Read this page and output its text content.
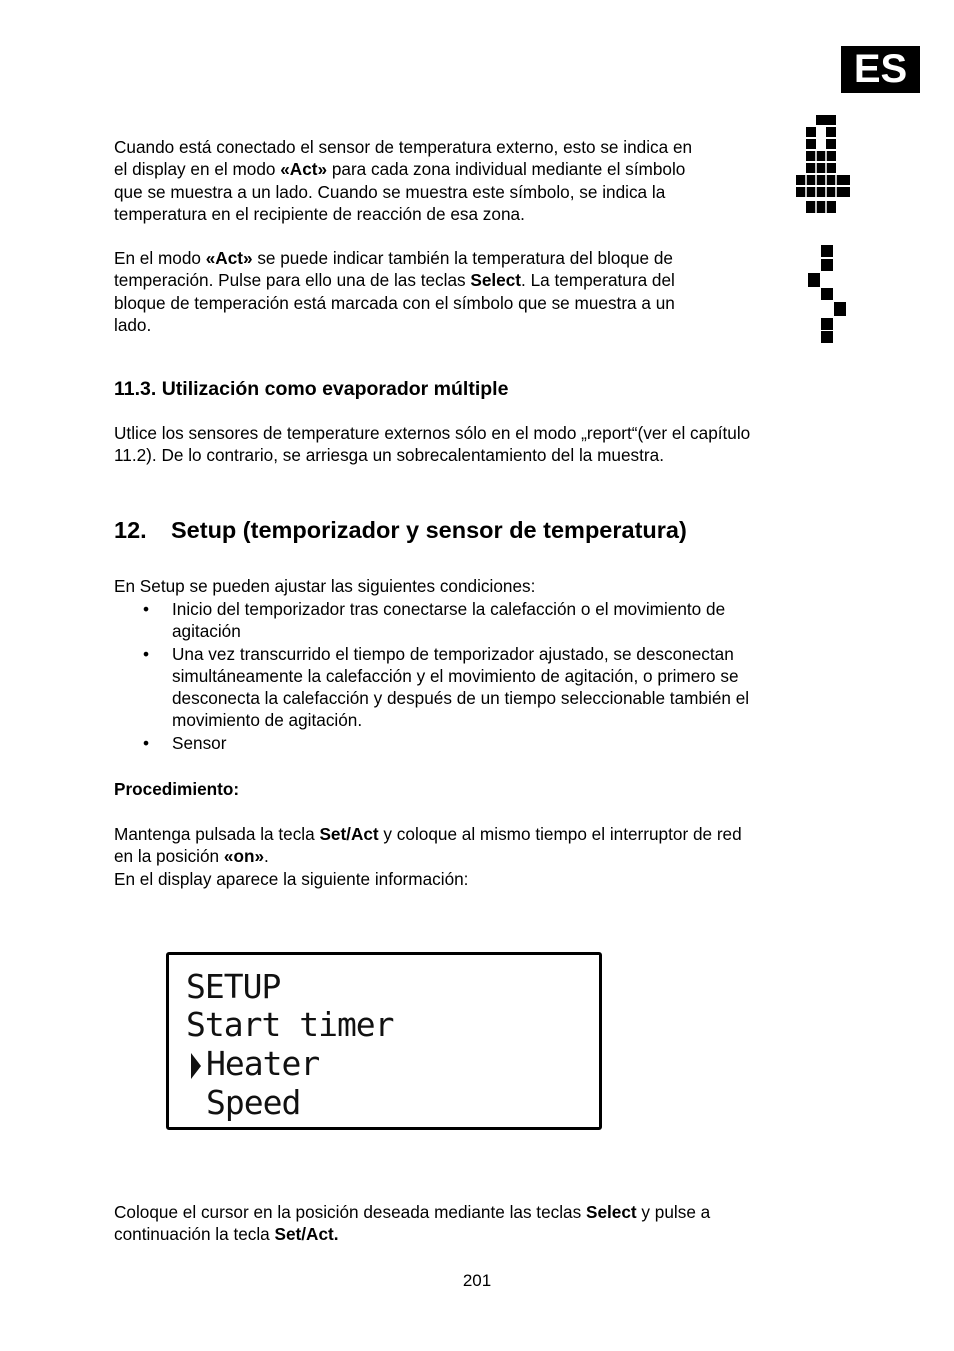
ES

Cuando está conectado el sensor de temperatura externo, esto se indica en

el display en el modo «Act» para cada zona individual mediante el símbolo

que se muestra a un lado. Cuando se muestra este símbolo, se indica la

temperatura en el recipiente de reacción de esa zona.

En el modo «Act» se puede indicar también la temperatura del bloque de

temperación. Pulse para ello una de las teclas Select. La temperatura del

bloque de temperación está marcada con el símbolo que se muestra a un

lado.

11.3. Utilización como evaporador múltiple

Utlice los sensores de temperature externos sólo en el modo „report“(ver el capítulo

11.2). De lo contrario, se arriesga un sobrecalentamiento del la muestra.

12. Setup (temporizador y sensor de temperatura)
En Setup se pueden ajustar las siguientes condiciones:
• Inicio del temporizador tras conectarse la calefacción o el movimiento de
agitación
• Una vez transcurrido el tiempo de temporizador ajustado, se desconectan
simultáneamente la calefacción y el movimiento de agitación, o primero se
desconecta la calefacción y después de un tiempo seleccionable también el
movimiento de agitación.
• Sensor
Procedimiento:

Mantenga pulsada la tecla Set/Act y coloque al mismo tiempo el interruptor de red

en la posición «on».

En el display aparece la siguiente información:

SETUP
Start timer
Heater
Speed

Coloque el cursor en la posición deseada mediante las teclas Select y pulse a

continuación la tecla Set/Act.

201
